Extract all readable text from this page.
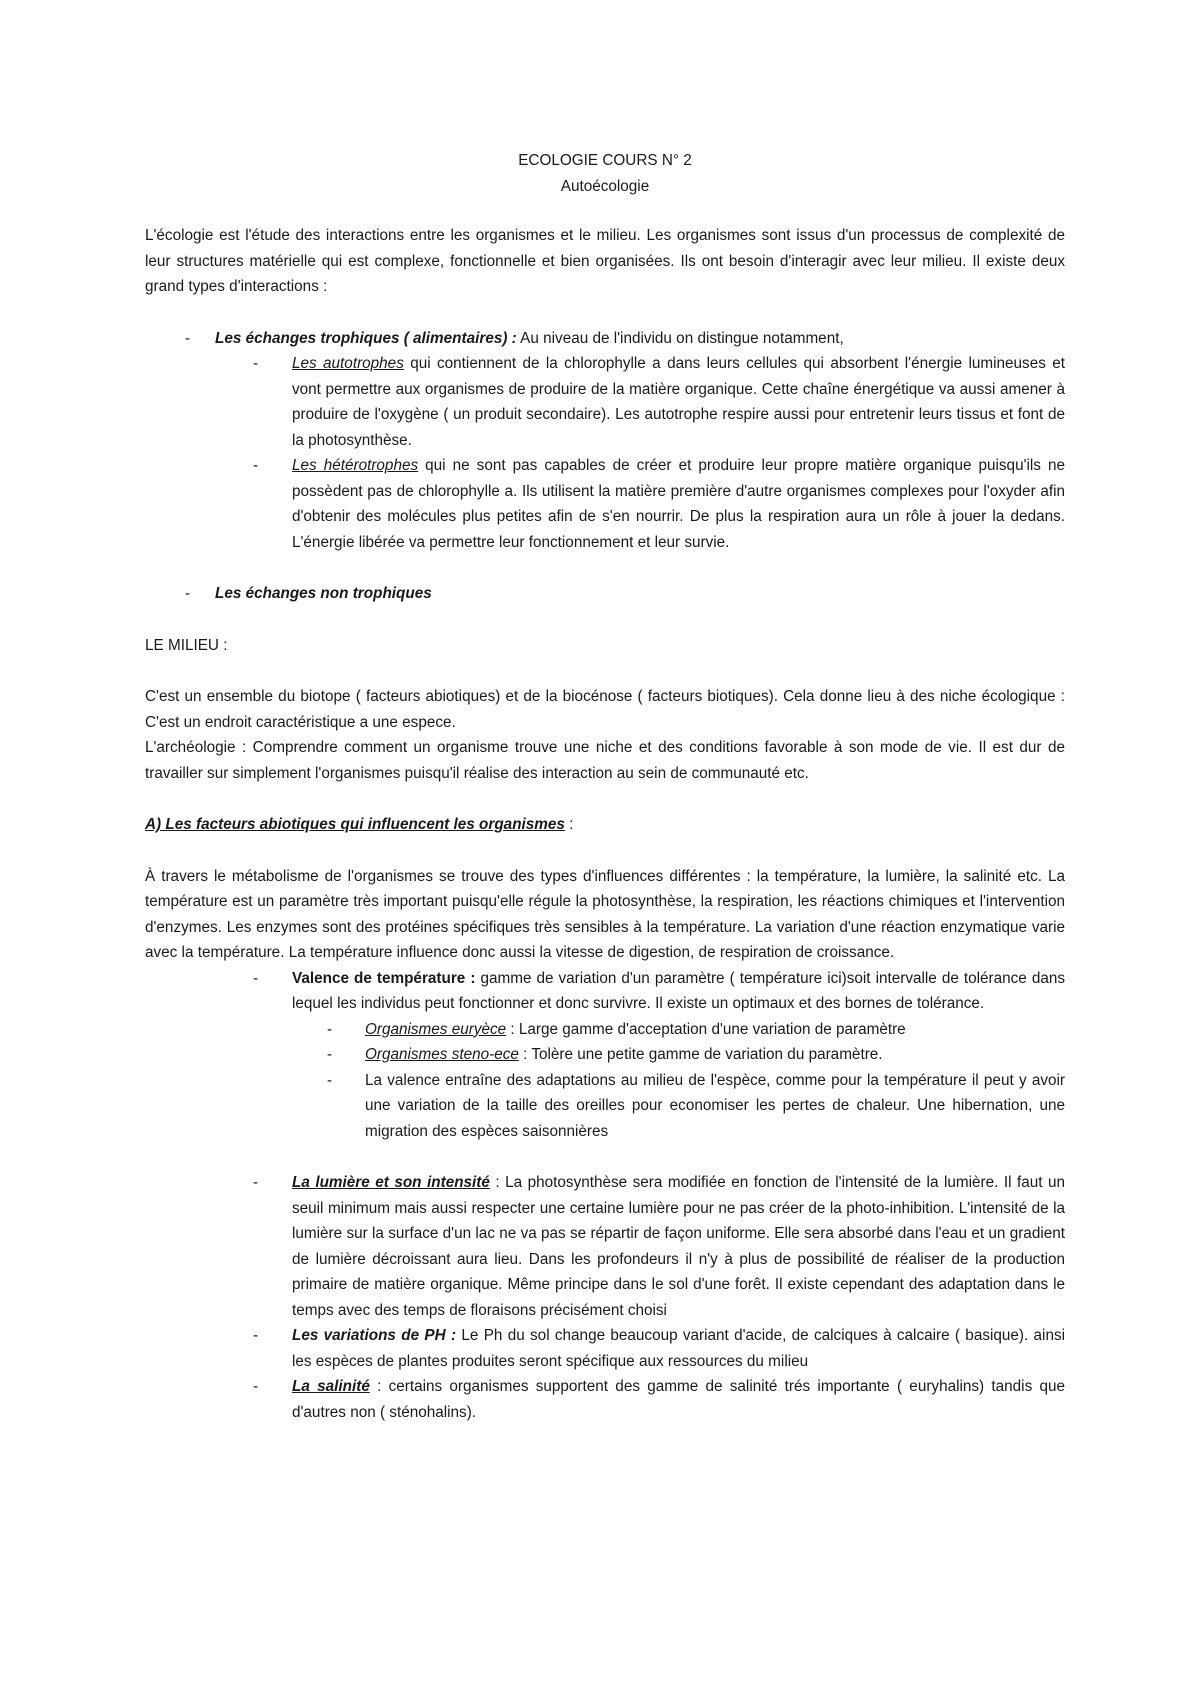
ECOLOGIE COURS N° 2
Autoécologie

L'écologie est l'étude des interactions entre les organismes et le milieu. Les organismes sont issus d'un processus de complexité de leur structures matérielle qui est complexe, fonctionnelle et bien organisées. Ils ont besoin d'interagir avec leur milieu. Il existe deux grand types d'interactions :

-	Les échanges trophiques ( alimentaires) : Au niveau de l'individu on distingue notamment,
-	Les autotrophes qui contiennent de la chlorophylle a dans leurs cellules qui absorbent l'énergie lumineuses et vont permettre aux organismes de produire de la matière organique. Cette chaîne énergétique va aussi amener à produire de l'oxygène ( un produit secondaire). Les autotrophe respire aussi pour entretenir leurs tissus et font de la photosynthèse.
-	Les hétérotrophes qui ne sont pas capables de créer et produire leur propre matière organique puisqu'ils ne possèdent pas de chlorophylle a. Ils utilisent la matière première d'autre organismes complexes pour l'oxyder afin d'obtenir des molécules plus petites afin de s'en nourrir. De plus la respiration aura un rôle à jouer la dedans. L'énergie libérée va permettre leur fonctionnement et leur survie.
-	Les échanges non trophiques

LE MILIEU :

C'est un ensemble du biotope ( facteurs abiotiques) et de la biocénose ( facteurs biotiques). Cela donne lieu à des niche écologique : C'est un endroit caractéristique a une espece.

L'archéologie : Comprendre comment un organisme trouve une niche et des conditions favorable à son mode de vie. Il est dur de travailler sur simplement l'organismes puisqu'il réalise des interaction au sein de communauté etc.

A) Les facteurs abiotiques qui influencent les organismes :

À travers le métabolisme de l'organismes se trouve des types d'influences différentes : la température, la lumière, la salinité etc. La température est un paramètre très important puisqu'elle régule la photosynthèse, la respiration, les réactions chimiques et l'intervention d'enzymes. Les enzymes sont des protéines spécifiques très sensibles à la température. La variation d'une réaction enzymatique varie avec la température. La température influence donc aussi la vitesse de digestion, de respiration de croissance.

-	Valence de température : gamme de variation d'un paramètre ( température ici)soit intervalle de tolérance dans lequel les individus peut fonctionner et donc survivre. Il existe un optimaux et des bornes de tolérance.
-	Organismes euryèce : Large gamme d'acceptation d'une variation de paramètre
-	Organismes steno-ece : Tolère une petite gamme de variation du paramètre.
-	La valence entraîne des adaptations au milieu de l'espèce, comme pour la température il peut y avoir une variation de la taille des oreilles pour economiser les pertes de chaleur. Une hibernation, une migration des espèces saisonnières
-	La lumière et son intensité : La photosynthèse sera modifiée en fonction de l'intensité de la lumière. Il faut un seuil minimum mais aussi respecter une certaine lumière pour ne pas créer de la photo-inhibition. L'intensité de la lumière sur la surface d'un lac ne va pas se répartir de façon uniforme. Elle sera absorbé dans l'eau et un gradient de lumière décroissant aura lieu. Dans les profondeurs il n'y à plus de possibilité de réaliser de la production primaire de matière organique. Même principe dans le sol d'une forêt. Il existe cependant des adaptation dans le temps avec des temps de floraisons précisément choisi
-	Les variations de PH : Le Ph du sol change beaucoup variant d'acide, de calciques à calcaire ( basique). ainsi les espèces de plantes produites seront spécifique aux ressources du milieu
-	La salinité : certains organismes supportent des gamme de salinité trés importante ( euryhalins) tandis que d'autres non ( sténohalins).
